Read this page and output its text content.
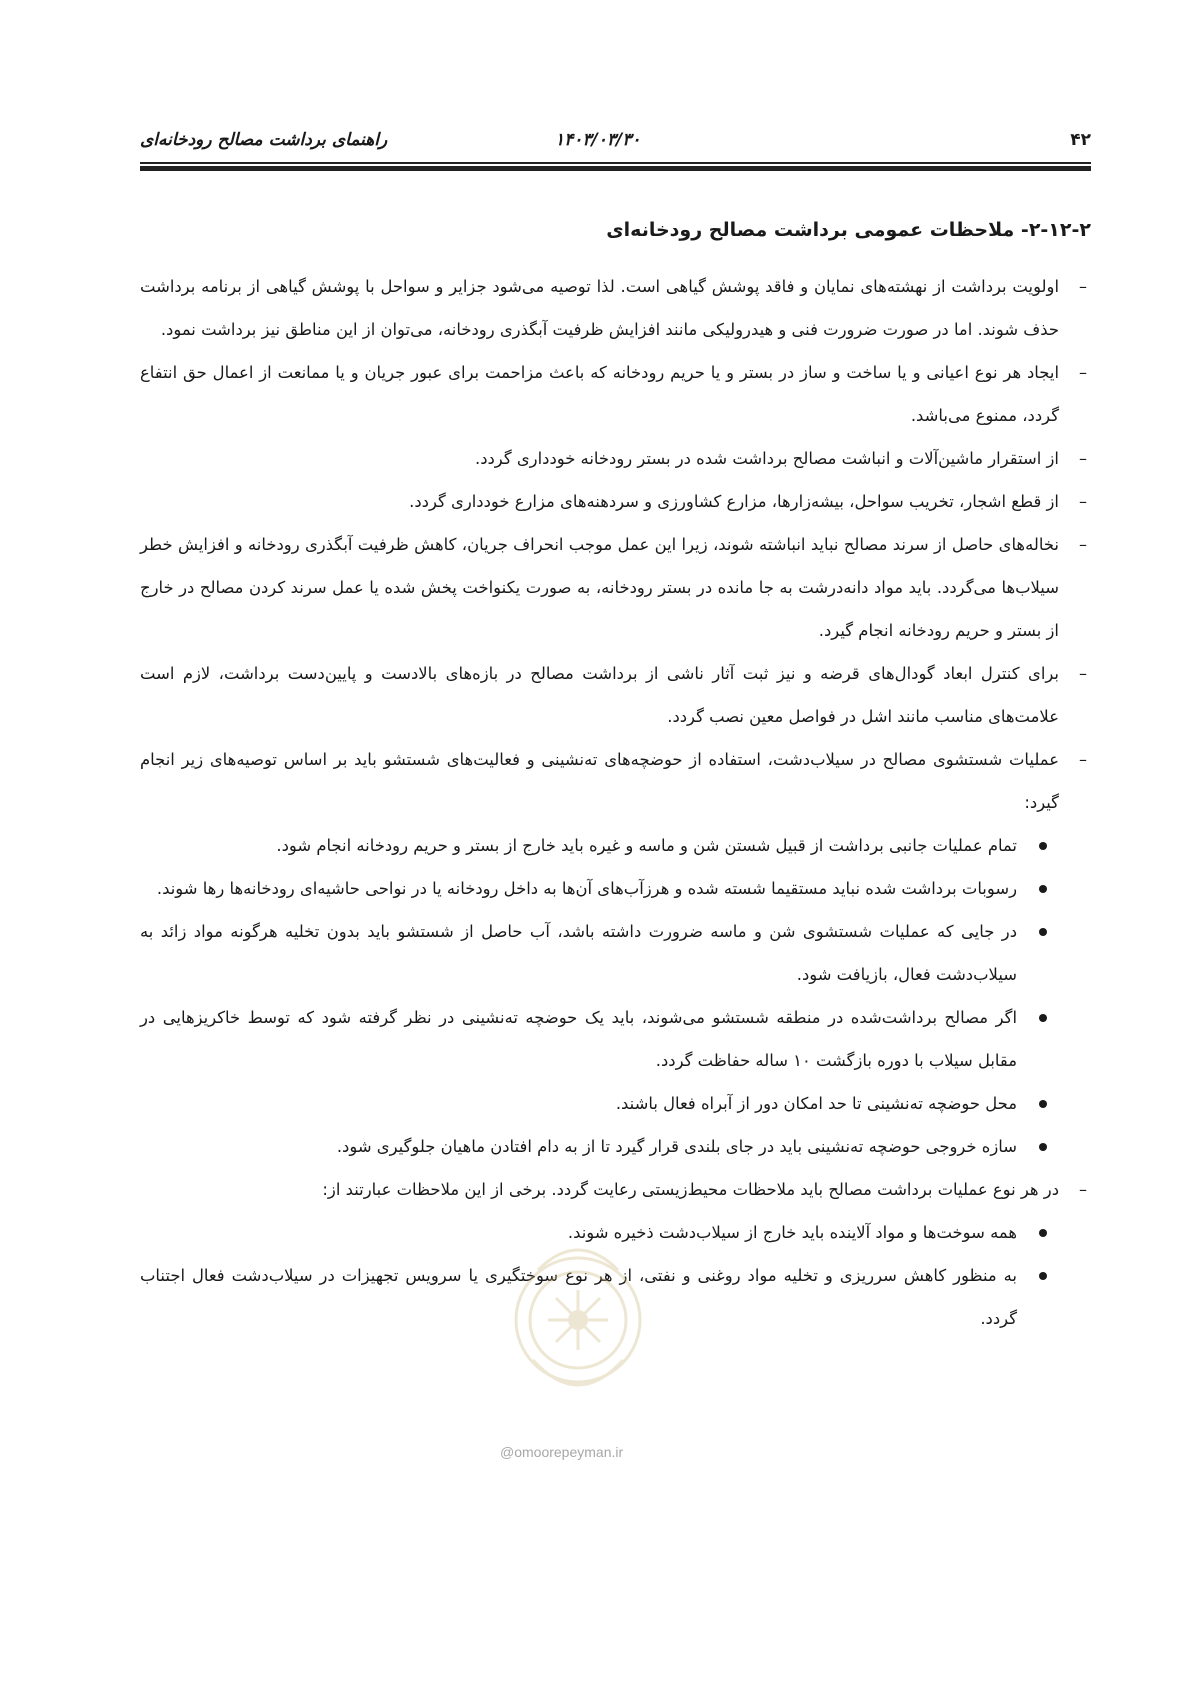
۴۲
۱۴۰۳/۰۳/۳۰
راهنمای برداشت مصالح رودخانه‌ای
۲-۱۲-۲- ملاحظات عمومی برداشت مصالح رودخانه‌ای
–
اولویت برداشت از نهشته‌های نمایان و فاقد پوشش گیاهی است. لذا توصیه می‌شود جزایر و سواحل با پوشش گیاهی از برنامه برداشت حذف شوند. اما در صورت ضرورت فنی و هیدرولیکی مانند افزایش ظرفیت آبگذری رودخانه، می‌توان از این مناطق نیز برداشت نمود.
–
ایجاد هر نوع اعیانی و یا ساخت و ساز در بستر و یا حریم رودخانه که باعث مزاحمت برای عبور جریان و یا ممانعت از اعمال حق انتفاع گردد، ممنوع می‌باشد.
–
از استقرار ماشین‌آلات و انباشت مصالح برداشت شده در بستر رودخانه خودداری گردد.
–
از قطع اشجار، تخریب سواحل، بیشه‌زارها، مزارع کشاورزی و سردهنه‌های مزارع خودداری گردد.
–
نخاله‌های حاصل از سرند مصالح نباید انباشته شوند، زیرا این عمل موجب انحراف جریان، کاهش ظرفیت آبگذری رودخانه و افزایش خطر سیلاب‌ها می‌گردد. باید مواد دانه‌درشت به جا مانده در بستر رودخانه، به صورت یکنواخت پخش شده یا عمل سرند کردن مصالح در خارج از بستر و حریم رودخانه انجام گیرد.
–
برای کنترل ابعاد گودال‌های قرضه و نیز ثبت آثار ناشی از برداشت مصالح در بازه‌های بالادست و پایین‌دست برداشت، لازم است علامت‌های مناسب مانند اشل در فواصل معین نصب گردد.
–
عملیات شستشوی مصالح در سیلاب‌دشت، استفاده از حوضچه‌های ته‌نشینی و فعالیت‌های شستشو باید بر اساس توصیه‌های زیر انجام گیرد:
تمام عملیات جانبی برداشت از قبیل شستن شن و ماسه و غیره باید خارج از بستر و حریم رودخانه انجام شود.
رسوبات برداشت شده نباید مستقیما شسته شده و هرزآب‌های آن‌ها به داخل رودخانه یا در نواحی حاشیه‌ای رودخانه‌ها رها شوند.
در جایی که عملیات شستشوی شن و ماسه ضرورت داشته باشد، آب حاصل از شستشو باید بدون تخلیه هرگونه مواد زائد به سیلاب‌دشت فعال، بازیافت شود.
اگر مصالح برداشت‌شده در منطقه شستشو می‌شوند، باید یک حوضچه ته‌نشینی در نظر گرفته شود که توسط خاکریزهایی در مقابل سیلاب با دوره بازگشت ۱۰ ساله حفاظت گردد.
محل حوضچه ته‌نشینی تا حد امکان دور از آبراه فعال باشند.
سازه خروجی حوضچه ته‌نشینی باید در جای بلندی قرار گیرد تا از به دام افتادن ماهیان جلوگیری شود.
–
در هر نوع عملیات برداشت مصالح باید ملاحظات محیط‌زیستی رعایت گردد. برخی از این ملاحظات عبارتند از:
همه سوخت‌ها و مواد آلاینده باید خارج از سیلاب‌دشت ذخیره شوند.
به منظور کاهش سرریزی و تخلیه مواد روغنی و نفتی، از هر نوع سوختگیری یا سرویس تجهیزات در سیلاب‌دشت فعال اجتناب گردد.
@omoorepeyman.ir
